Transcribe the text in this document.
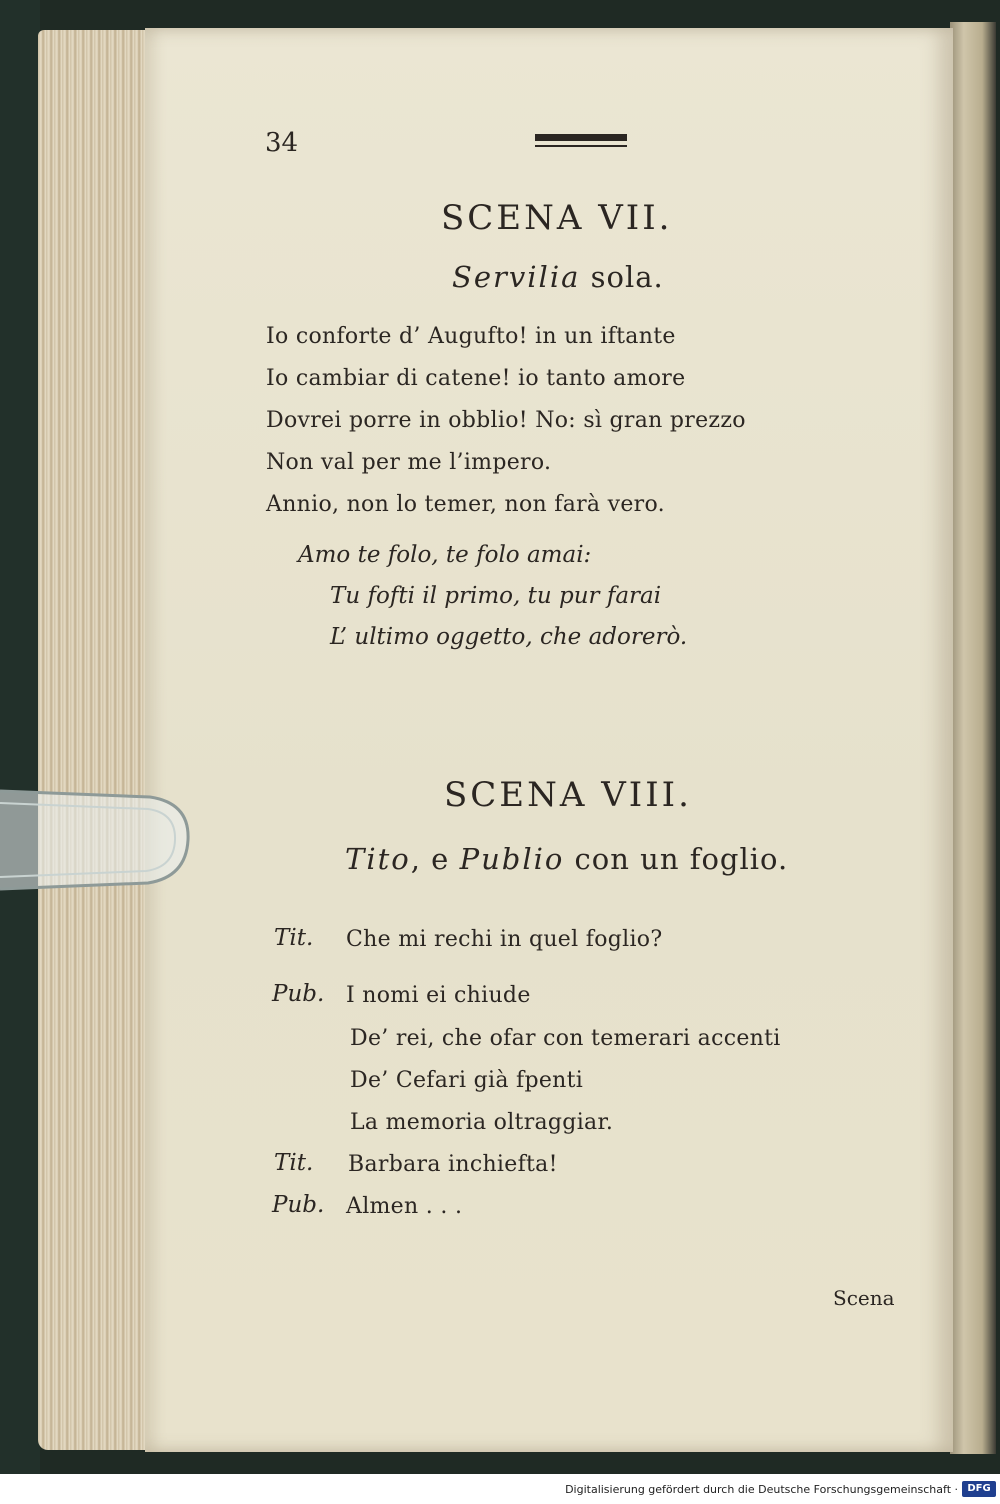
34
SCENA VII.
Servilia sola.
Io conforte d’ Augufto! in un iftante
Io cambiar di catene! io tanto amore
Dovrei porre in obblio! No: sì gran prezzo
Non val per me l’impero.
Annio, non lo temer, non farà vero.
Amo te folo, te folo amai:
Tu fofti il primo, tu pur farai
L’ ultimo oggetto, che adorerò.
SCENA VIII.
Tito, e Publio con un foglio.
Tit. Che mi rechi in quel foglio?
Pub. I nomi ei chiude
De’ rei, che ofar con temerari accenti
De’ Cefari già fpenti
La memoria oltraggiar.
Tit. Barbara inchiefta!
Pub. Almen . . .
Scena
Digitalisierung gefördert durch die Deutsche Forschungsgemeinschaft · DFG
